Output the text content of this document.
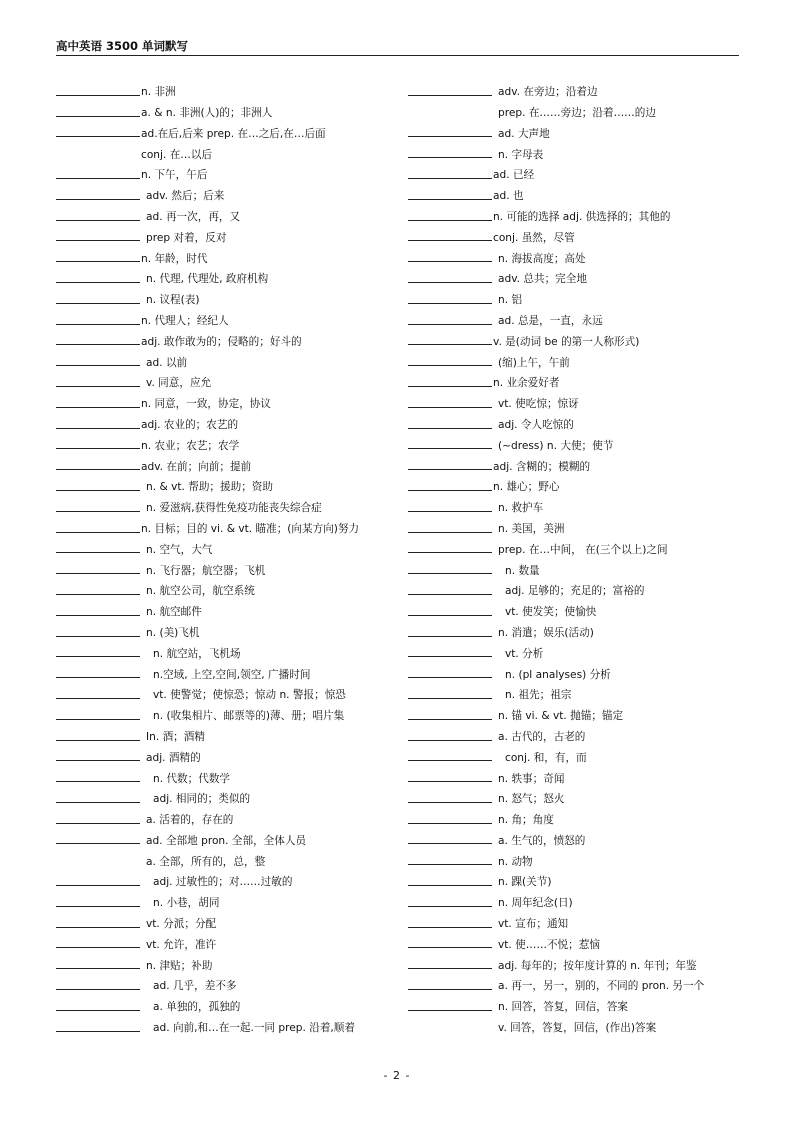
高中英语 3500 单词默写
n. 非洲
a. & n. 非洲(人)的；非洲人
ad.在后,后来 prep. 在…之后,在…后面
conj. 在…以后
n. 下午，午后
adv. 然后；后来
ad. 再一次，再，又
prep 对着，反对
n. 年龄，时代
n. 代理, 代理处, 政府机构
n. 议程(表)
n. 代理人；经纪人
adj. 敢作敢为的；侵略的；好斗的
ad. 以前
v. 同意，应允
n. 同意，一致，协定，协议
adj. 农业的；农艺的
n. 农业；农艺；农学
adv. 在前；向前；提前
n. & vt. 帮助；援助；资助
n. 爱滋病,获得性免疫功能丧失综合症
n. 目标；目的 vi. & vt. 瞄准；(向某方向)努力
n. 空气，大气
n. 飞行器；航空器；飞机
n. 航空公司，航空系统
n. 航空邮件
n. (美)飞机
n. 航空站，飞机场
n.空域, 上空,空间,领空, 广播时间
vt. 使警觉；使惊恐；惊动 n. 警报；惊恐
n. (收集相片、邮票等的)薄、册；唱片集
In. 酒；酒精
adj. 酒精的
n. 代数；代数学
adj. 相同的；类似的
a. 活着的，存在的
ad. 全部地 pron. 全部，全体人员
a. 全部，所有的，总，整
adj. 过敏性的；对……过敏的
n. 小巷，胡同
vt. 分派；分配
vt. 允许，准许
n. 津贴；补助
ad. 几乎，差不多
a. 单独的，孤独的
ad. 向前,和…在一起.一同 prep. 沿着,顺着
adv. 在旁边；沿着边
prep. 在……旁边；沿着……的边
ad. 大声地
n. 字母表
ad. 已经
ad. 也
n. 可能的选择 adj. 供选择的；其他的
conj. 虽然，尽管
n. 海拔高度；高处
adv. 总共；完全地
n. 铝
ad. 总是，一直，永远
v. 是(动词 be 的第一人称形式)
(缩)上午，午前
n. 业余爱好者
vt. 使吃惊；惊讶
adj. 令人吃惊的
(~dress) n. 大使；使节
adj. 含糊的；模糊的
n. 雄心；野心
n. 救护车
n. 美国，美洲
prep. 在…中间， 在(三个以上)之间
n. 数量
adj. 足够的；充足的；富裕的
vt. 使发笑；使愉快
n. 消遣；娱乐(活动)
vt. 分析
n. (pl analyses) 分析
n. 祖先；祖宗
n. 锚 vi. & vt. 抛锚；锚定
a. 古代的，古老的
conj. 和，有，而
n. 轶事；奇闻
n. 怒气；怒火
n. 角；角度
a. 生气的，愤怒的
n. 动物
n. 踝(关节)
n. 周年纪念(日)
vt. 宣布；通知
vt. 使……不悦；惹恼
adj. 每年的；按年度计算的 n. 年刊；年鉴
a. 再一，另一，别的，不同的 pron. 另一个
n. 回答，答复，回信，答案
v. 回答，答复，回信，(作出)答案
- 2 -
